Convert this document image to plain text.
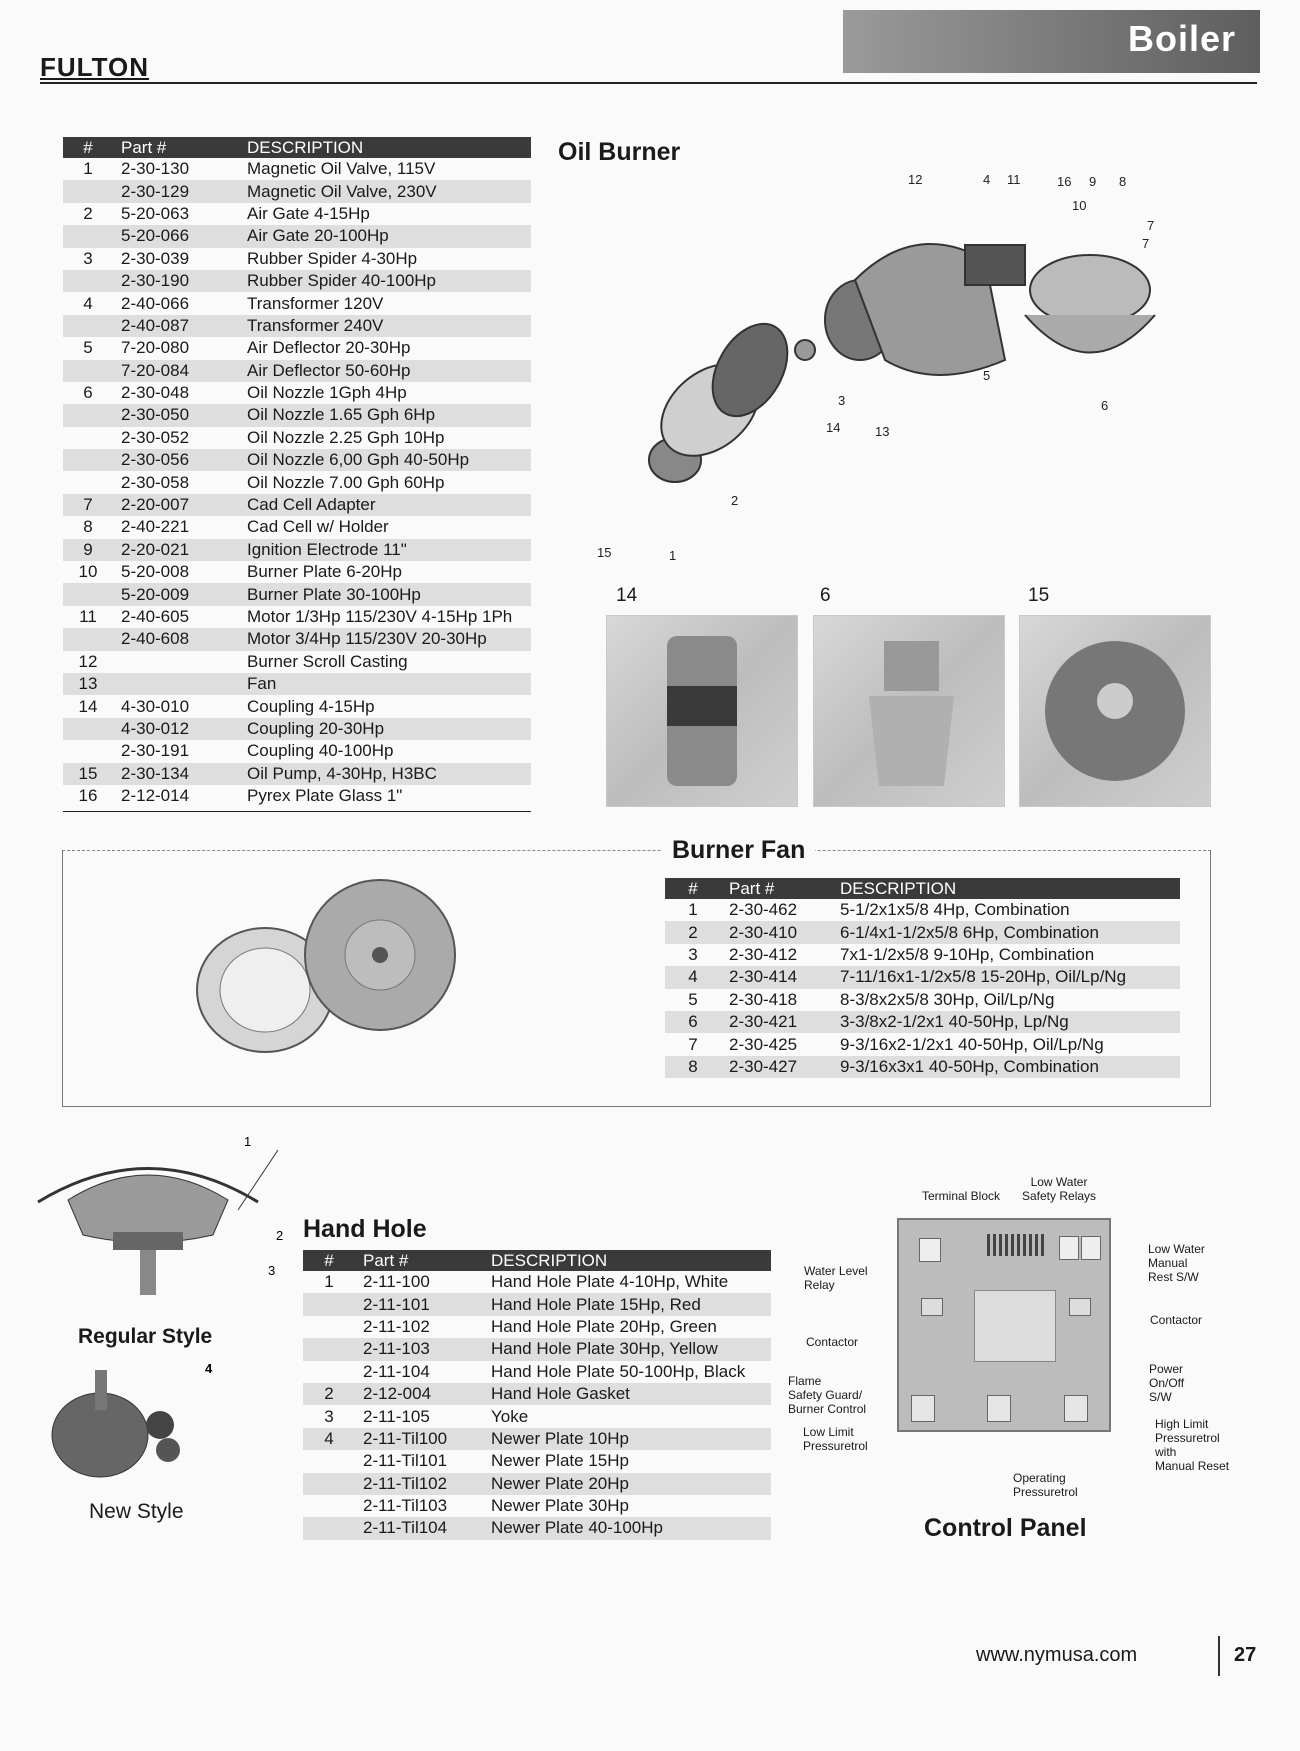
FULTON
Boiler
#	Part #	DESCRIPTION
1	2-30-130	Magnetic Oil Valve, 115V
	2-30-129	Magnetic Oil Valve, 230V
2	5-20-063	Air Gate 4-15Hp
	5-20-066	Air Gate 20-100Hp
3	2-30-039	Rubber Spider 4-30Hp
	2-30-190	Rubber Spider 40-100Hp
4	2-40-066	Transformer 120V
	2-40-087	Transformer 240V
5	7-20-080	Air Deflector 20-30Hp
	7-20-084	Air Deflector 50-60Hp
6	2-30-048	Oil Nozzle 1Gph 4Hp
	2-30-050	Oil Nozzle 1.65 Gph 6Hp
	2-30-052	Oil Nozzle 2.25 Gph 10Hp
	2-30-056	Oil Nozzle 6,00 Gph 40-50Hp
	2-30-058	Oil Nozzle 7.00 Gph 60Hp
7	2-20-007	Cad Cell Adapter
8	2-40-221	Cad Cell w/ Holder
9	2-20-021	Ignition Electrode 11"
10	5-20-008	Burner Plate 6-20Hp
	5-20-009	Burner Plate 30-100Hp
11	2-40-605	Motor 1/3Hp 115/230V 4-15Hp 1Ph
	2-40-608	Motor 3/4Hp 115/230V 20-30Hp
12		Burner Scroll Casting
13		Fan
14	4-30-010	Coupling 4-15Hp
	4-30-012	Coupling 20-30Hp
	2-30-191	Coupling 40-100Hp
15	2-30-134	Oil Pump, 4-30Hp, H3BC
16	2-12-014	Pyrex Plate Glass 1"
Oil Burner
12	4 11	16 9 8
10
7
7
5
6
3
14	13
2
15	1
14	6	15
Burner Fan
#	Part #	DESCRIPTION
1	2-30-462	5-1/2x1x5/8 4Hp, Combination
2	2-30-410	6-1/4x1-1/2x5/8 6Hp, Combination
3	2-30-412	7x1-1/2x5/8 9-10Hp, Combination
4	2-30-414	7-11/16x1-1/2x5/8 15-20Hp, Oil/Lp/Ng
5	2-30-418	8-3/8x2x5/8 30Hp, Oil/Lp/Ng
6	2-30-421	3-3/8x2-1/2x1 40-50Hp, Lp/Ng
7	2-30-425	9-3/16x2-1/2x1 40-50Hp, Oil/Lp/Ng
8	2-30-427	9-3/16x3x1 40-50Hp, Combination
1
2
3
Regular Style
4
New Style
Hand Hole
#	Part #	DESCRIPTION
1	2-11-100	Hand Hole Plate 4-10Hp, White
	2-11-101	Hand Hole Plate 15Hp, Red
	2-11-102	Hand Hole Plate 20Hp, Green
	2-11-103	Hand Hole Plate 30Hp, Yellow
	2-11-104	Hand Hole Plate 50-100Hp, Black
2	2-12-004	Hand Hole Gasket
3	2-11-105	Yoke
4	2-11-Til100	Newer Plate 10Hp
	2-11-Til101	Newer Plate 15Hp
	2-11-Til102	Newer Plate 20Hp
	2-11-Til103	Newer Plate 30Hp
	2-11-Til104	Newer Plate 40-100Hp
Terminal Block
Low Water
Safety Relays
Water Level
Relay
Contactor
Flame
Safety Guard/
Burner Control
Low Limit
Pressuretrol
Operating
Pressuretrol
Low Water
Manual
Rest S/W
Contactor
Power
On/Off
S/W
High Limit
Pressuretrol
with
Manual Reset
Control Panel
www.nymusa.com	27
